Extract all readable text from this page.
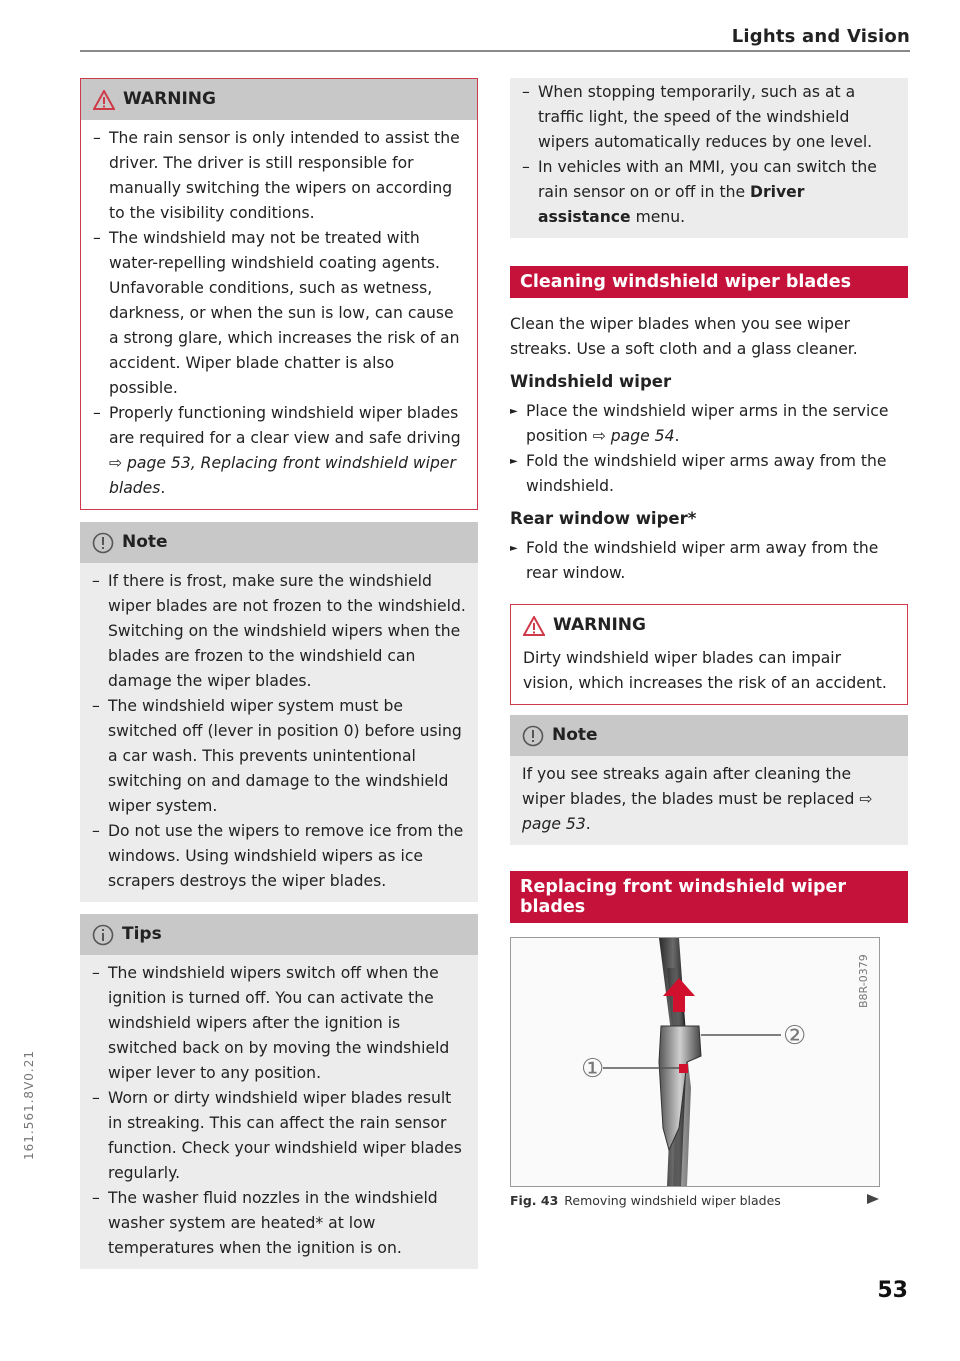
Lights and Vision
WARNING
– The rain sensor is only intended to assist the driver. The driver is still responsible for manually switching the wipers on according to the visibility conditions.
– The windshield may not be treated with water-repelling windshield coating agents. Unfavorable conditions, such as wetness, darkness, or when the sun is low, can cause a strong glare, which increases the risk of an accident. Wiper blade chatter is also possible.
– Properly functioning windshield wiper blades are required for a clear view and safe driving ⇨ page 53, Replacing front windshield wiper blades.
Note
– If there is frost, make sure the windshield wiper blades are not frozen to the windshield. Switching on the windshield wipers when the blades are frozen to the windshield can damage the wiper blades.
– The windshield wiper system must be switched off (lever in position 0) before using a car wash. This prevents unintentional switching on and damage to the windshield wiper system.
– Do not use the wipers to remove ice from the windows. Using windshield wipers as ice scrapers destroys the wiper blades.
Tips
– The windshield wipers switch off when the ignition is turned off. You can activate the windshield wipers after the ignition is switched back on by moving the windshield wiper lever to any position.
– Worn or dirty windshield wiper blades result in streaking. This can affect the rain sensor function. Check your windshield wiper blades regularly.
– The washer fluid nozzles in the windshield washer system are heated* at low temperatures when the ignition is on.
– When stopping temporarily, such as at a traffic light, the speed of the windshield wipers automatically reduces by one level.
– In vehicles with an MMI, you can switch the rain sensor on or off in the Driver assistance menu.
Cleaning windshield wiper blades

Clean the wiper blades when you see wiper streaks. Use a soft cloth and a glass cleaner.

Windshield wiper

► Place the windshield wiper arms in the service position ⇨ page 54.
► Fold the windshield wiper arms away from the windshield.

Rear window wiper*

► Fold the windshield wiper arm away from the rear window.
WARNING

Dirty windshield wiper blades can impair vision, which increases the risk of an accident.

Note

If you see streaks again after cleaning the wiper blades, the blades must be replaced ⇨ page 53.

Replacing front windshield wiper blades
①
②
B8R-0379
Fig. 43 Removing windshield wiper blades
161.561.8V0.21
53
